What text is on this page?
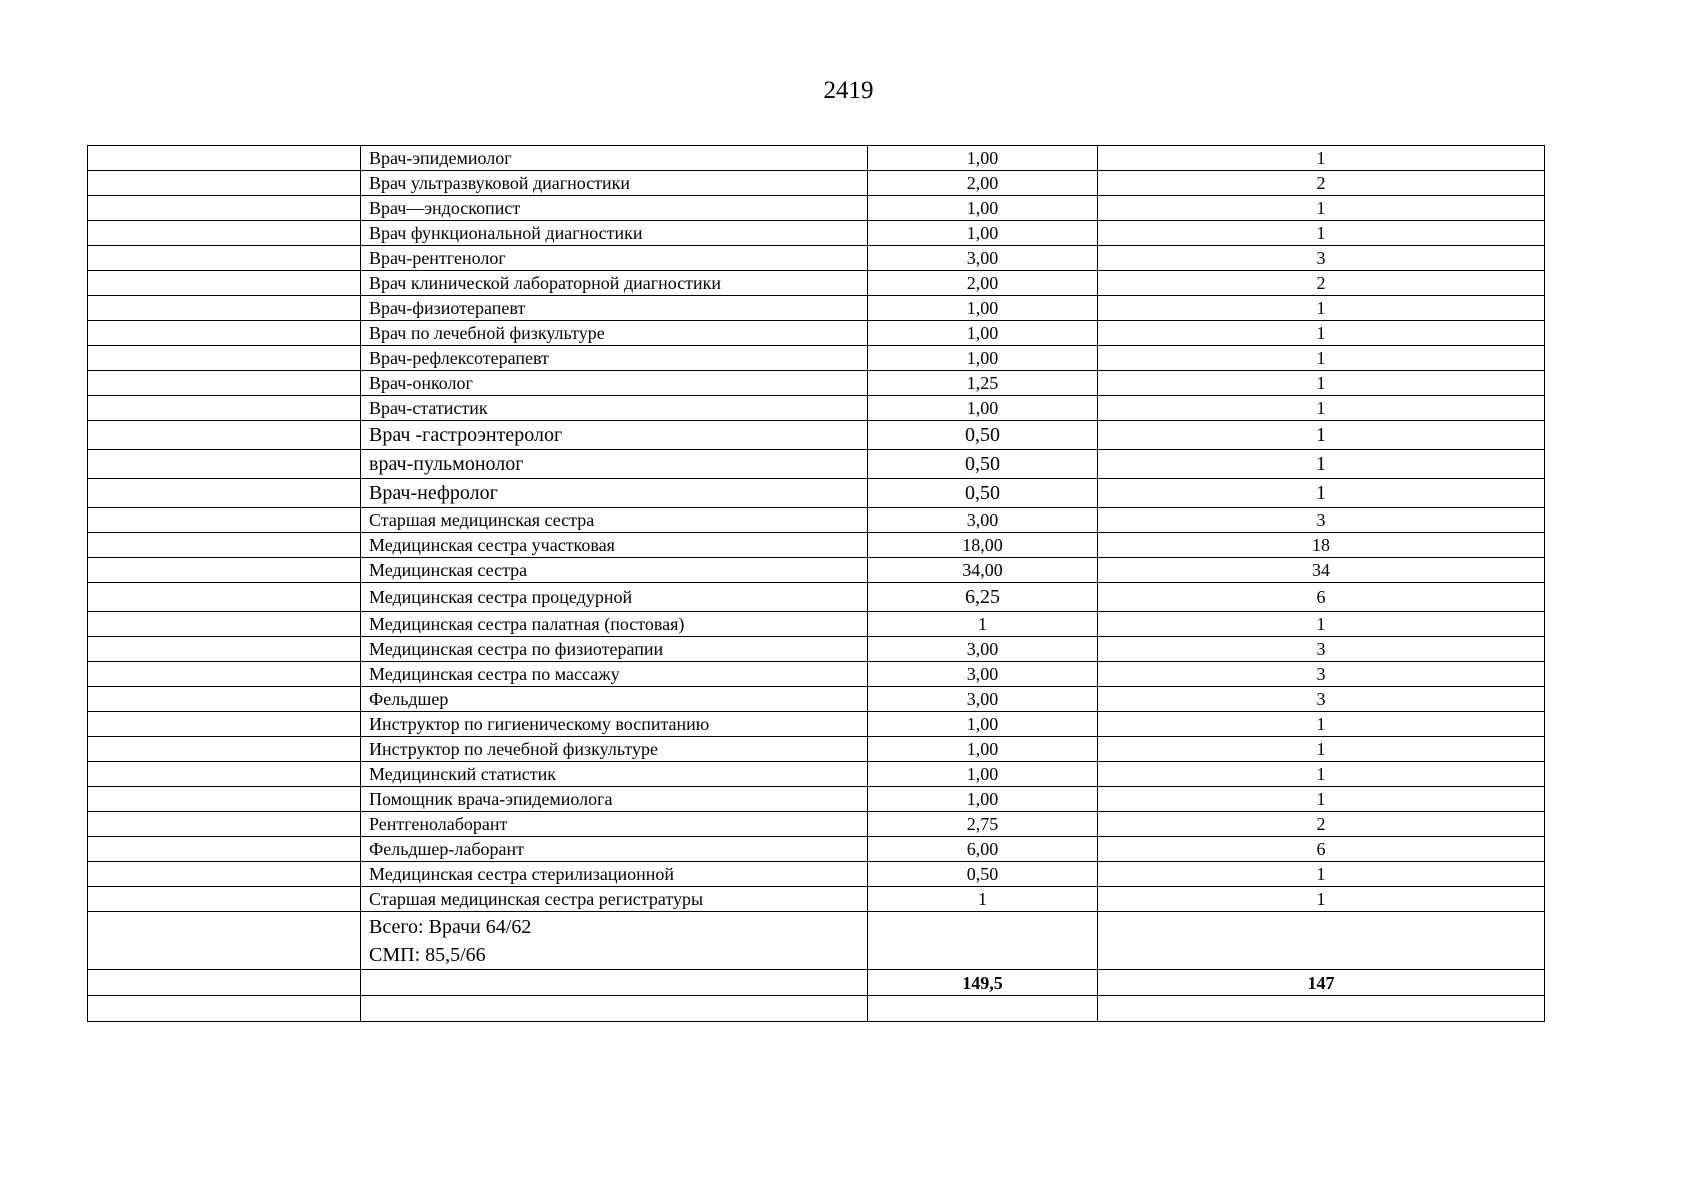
2419
	Врач-эпидемиолог	1,00	1
	Врач ультразвуковой диагностики	2,00	2
	Врач—эндоскопист	1,00	1
	Врач функциональной диагностики	1,00	1
	Врач-рентгенолог	3,00	3
	Врач клинической лабораторной диагностики	2,00	2
	Врач-физиотерапевт	1,00	1
	Врач по лечебной физкультуре	1,00	1
	Врач-рефлексотерапевт	1,00	1
	Врач-онколог	1,25	1
	Врач-статистик	1,00	1
	Врач -гастроэнтеролог	0,50	1
	врач-пульмонолог	0,50	1
	Врач-нефролог	0,50	1
	Старшая медицинская сестра	3,00	3
	Медицинская сестра участковая	18,00	18
	Медицинская сестра	34,00	34
	Медицинская сестра процедурной	6,25	6
	Медицинская сестра палатная (постовая)	1	1
	Медицинская сестра по физиотерапии	3,00	3
	Медицинская сестра по массажу	3,00	3
	Фельдшер	3,00	3
	Инструктор по гигиеническому воспитанию	1,00	1
	Инструктор по лечебной физкультуре	1,00	1
	Медицинский статистик	1,00	1
	Помощник врача-эпидемиолога	1,00	1
	Рентгенолаборант	2,75	2
	Фельдшер-лаборант	6,00	6
	Медицинская сестра стерилизационной	0,50	1
	Старшая медицинская сестра регистратуры	1	1

	Всего: Врачи 64/62
СМП: 85,5/66		

		149,5	147
